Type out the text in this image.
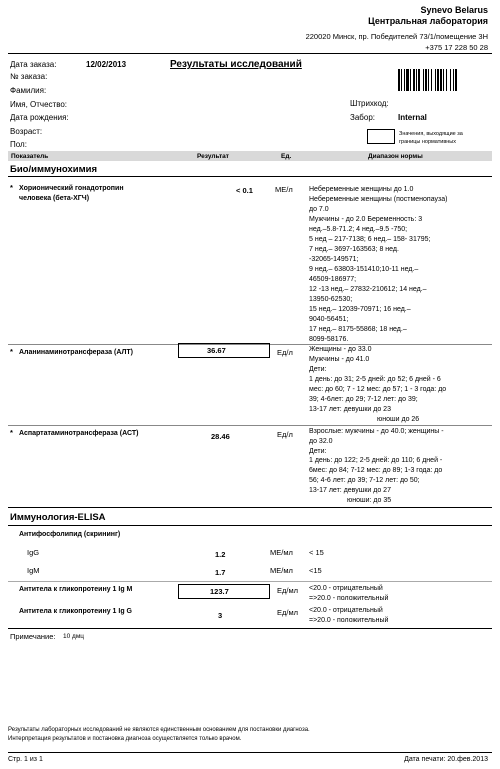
Synevo Belarus
Центральная лаборатория
220020 Минск, пр. Победителей 73/1/помещение 3Н
+375 17 228 50 28
Дата заказа:	12/02/2013	Результаты исследований
№ заказа:
Фамилия:
Имя, Отчество:
Дата рождения:
Возраст:
Пол:
Штрихкод:
Забор:	Internal
Значения, выходящие за
границы нормативных
Показатель	Результат	Ед.	Диапазон нормы
Био/иммунохимия
* Хорионический гонадотропин
человека (бета-ХГЧ)
< 0.1	МЕ/л Небеременные женщины до 1.0
Небеременные женщины (постменопауза)
до 7.0
Мужчины - до 2.0 Беременность: 3
нед.–5.8-71.2; 4 нед.–9.5 -750;
5 нед – 217-7138; 6 нед.– 158- 31795;
7 нед.– 3697-163563; 8 нед.
-32065-149571;
9 нед.– 63803-151410;10-11 нед.–
46509-186977;
12 -13 нед.– 27832-210612; 14 нед.–
13950-62530;
15 нед.– 12039-70971; 16 нед.–
9040-56451;
17 нед.– 8175-55868; 18 нед.–
8099-58176.
* Аланинаминотрансфераза (АЛТ)	36.67	Ед/л Женщины - до 33.0
Мужчины - до 41.0
Дети:
1 день: до 31; 2-5 дней: до 52; 6 дней - 6
мес: до 60; 7 - 12 мес: до 57; 1 - 3 года: до
39; 4-6лет: до 29; 7-12 лет: до 39;
13-17 лет: девушки до 23
юноши до 26
* Аспартатаминотрансфераза (АСТ)	28.46	Ед/л Взрослые: мужчины - до 40.0; женщины -
до 32.0
Дети:
1 день: до 122; 2-5 дней: до 110; 6 дней -
6мес: до 84; 7-12 мес: до 89; 1-3 года: до
56; 4-6 лет: до 39; 7-12 лет: до 50;
13-17 лет: девушки до 27
юноши: до 35
Иммунология-ELISA
Антифосфолипид (скрининг)
IgG	1.2	МЕ/мл < 15
IgM	1.7	МЕ/мл <15
Антитела к гликопротеину 1 Ig M	123.7	Ед/мл <20.0 - отрицательный
=>20.0 - положительный
Антитела к гликопротеину 1 Ig G	3	Ед/мл <20.0 - отрицательный
=>20.0 - положительный
Примечание: 10 дмц
Результаты лабораторных исследований не являются единственным основанием для постановки диагноза.
Интерпретация результатов и постановка диагноза осуществляется только врачом.
Стр. 1 из 1	Дата печати: 20.фев.2013
